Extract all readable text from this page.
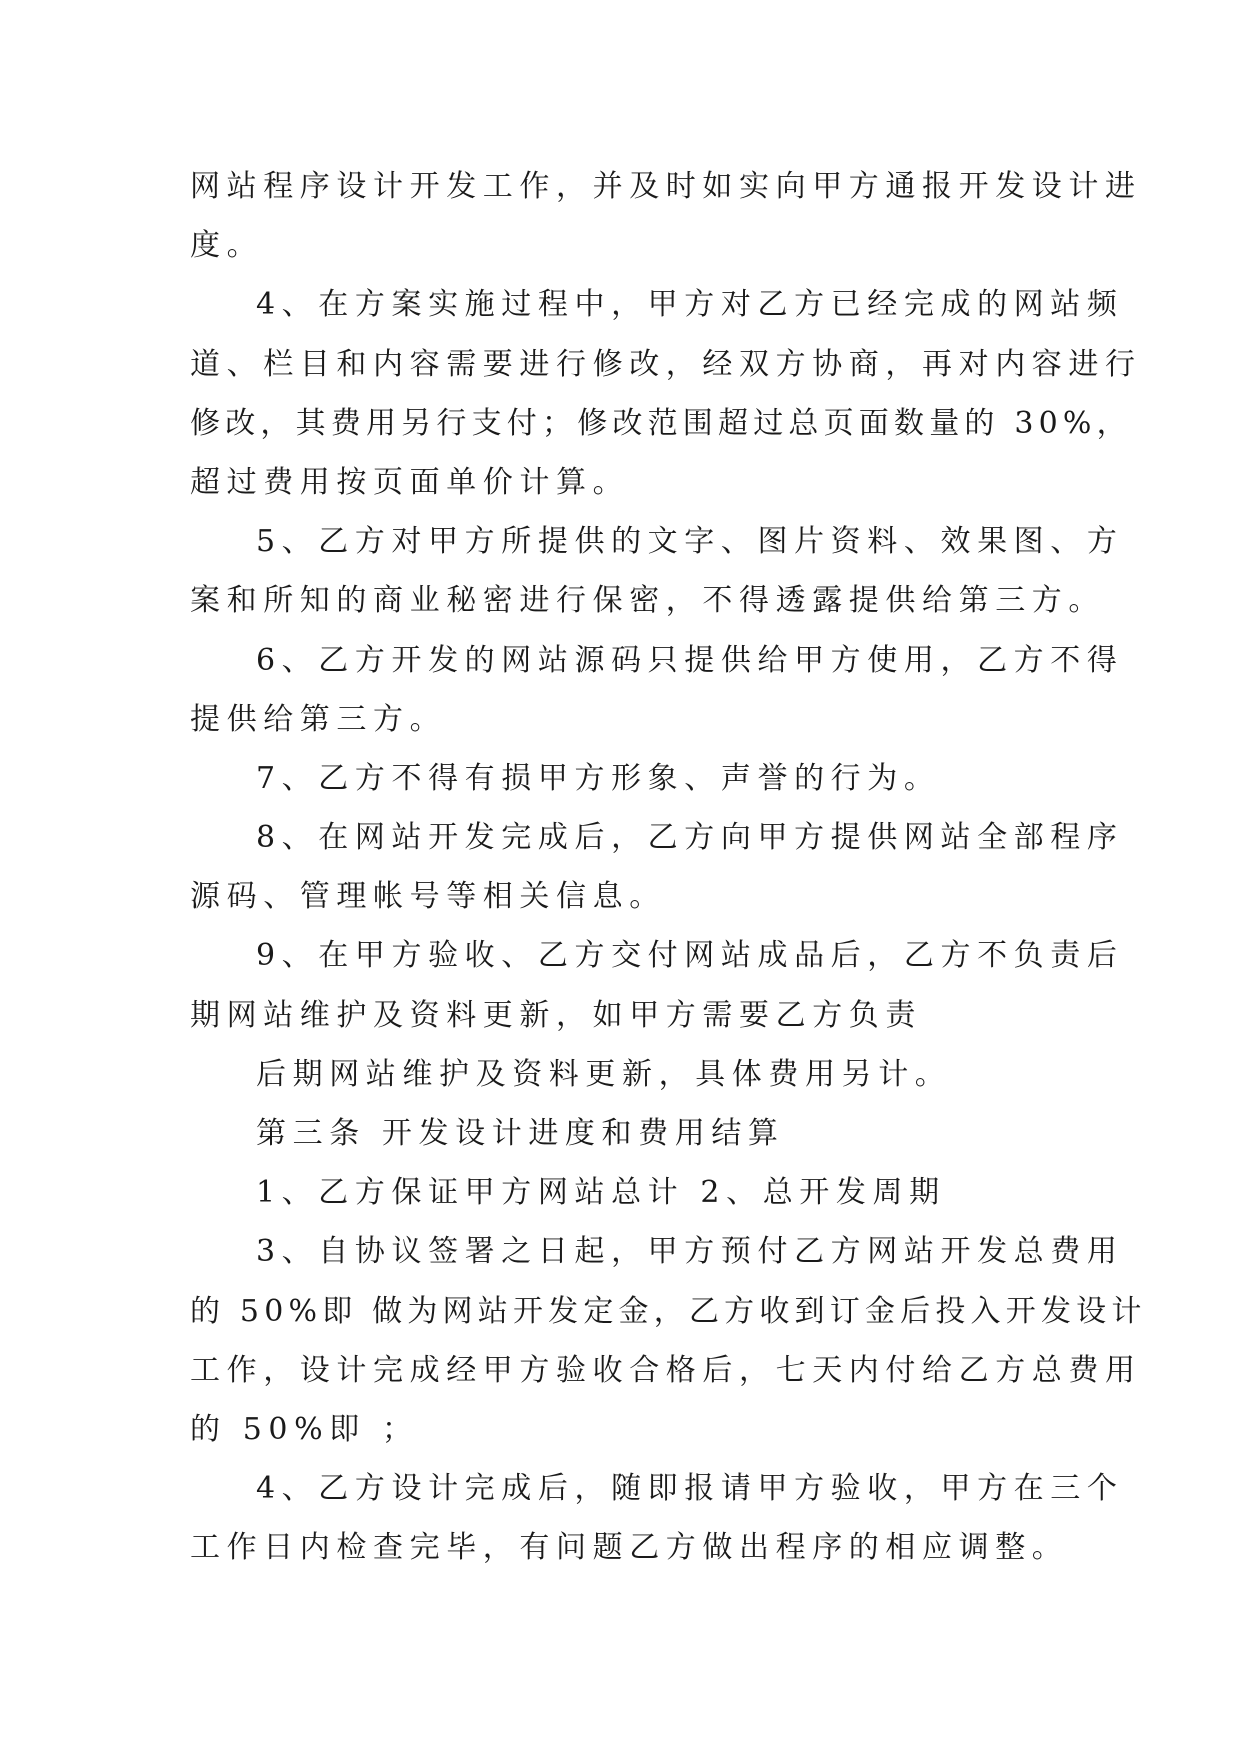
网站程序设计开发工作，并及时如实向甲方通报开发设计进
度。
4、在方案实施过程中，甲方对乙方已经完成的网站频
道、栏目和内容需要进行修改，经双方协商，再对内容进行
修改，其费用另行支付；修改范围超过总页面数量的 30%，
超过费用按页面单价计算。
5、乙方对甲方所提供的文字、图片资料、效果图、方
案和所知的商业秘密进行保密，不得透露提供给第三方。
6、乙方开发的网站源码只提供给甲方使用，乙方不得
提供给第三方。
7、乙方不得有损甲方形象、声誉的行为。
8、在网站开发完成后，乙方向甲方提供网站全部程序
源码、管理帐号等相关信息。
9、在甲方验收、乙方交付网站成品后，乙方不负责后
期网站维护及资料更新，如甲方需要乙方负责
后期网站维护及资料更新，具体费用另计。
第三条 开发设计进度和费用结算
1、乙方保证甲方网站总计 2、总开发周期
3、自协议签署之日起，甲方预付乙方网站开发总费用
的 50%即 做为网站开发定金，乙方收到订金后投入开发设计
工作，设计完成经甲方验收合格后，七天内付给乙方总费用
的 50%即 ；
4、乙方设计完成后，随即报请甲方验收，甲方在三个
工作日内检查完毕，有问题乙方做出程序的相应调整。
